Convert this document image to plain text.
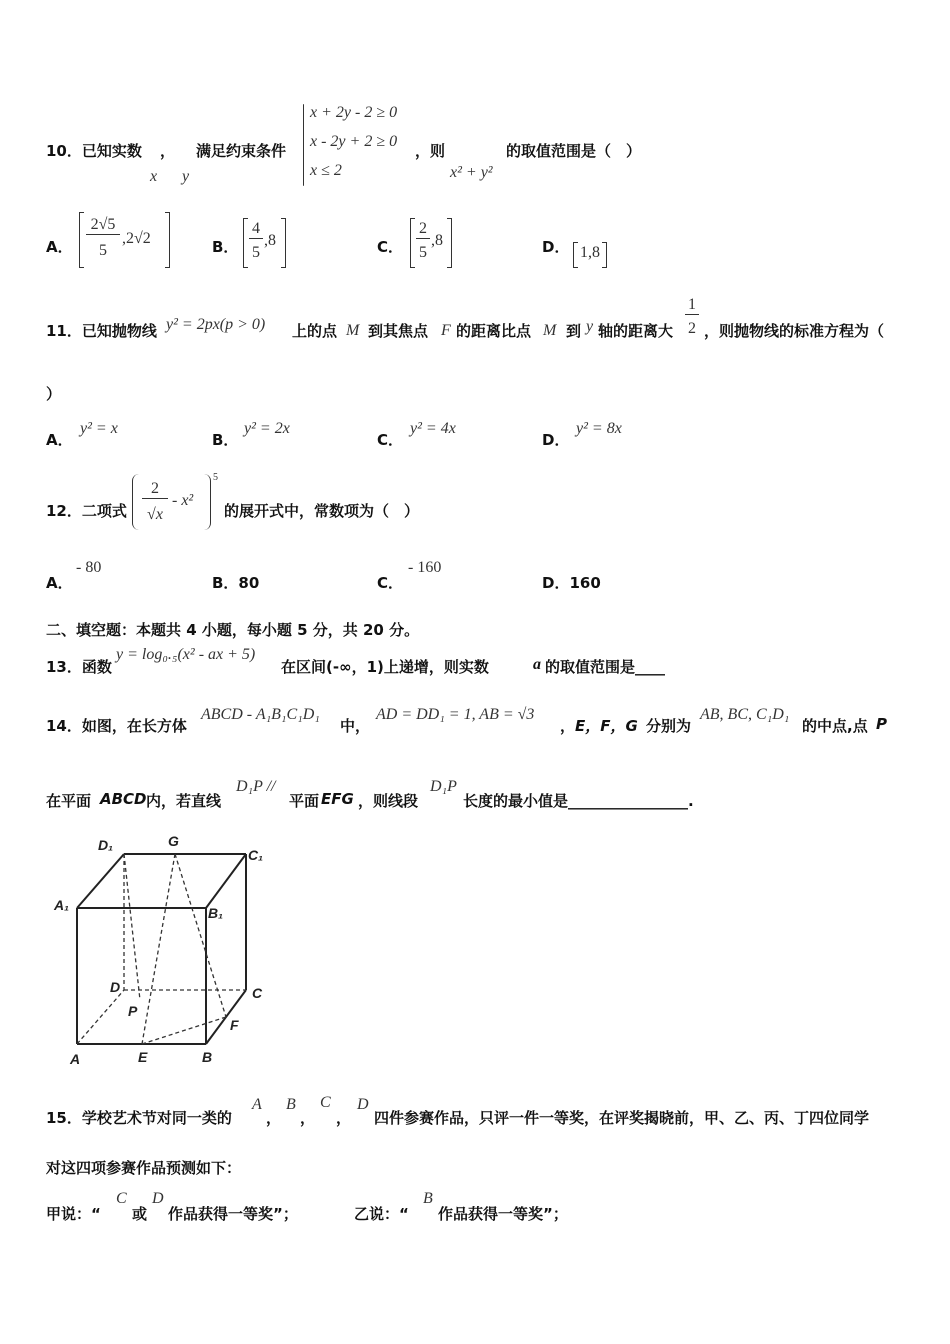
10．已知实数 ， 满足约束条件
x y
x + 2y - 2 ≥ 0
x - 2y + 2 ≥ 0
x ≤ 2
，则
x² + y²
的取值范围是（　）
A．
2√5
5
,2√2	B．
4
5
,8	C．
2
5
,8	D． 1,8
11．已知抛物线 y² = 2px(p > 0) 上的点 M 到其焦点 F 的距离比点 M 到 y 轴的距离大
1
2 ，则抛物线的标准方程为（
）
A．
y² = x
B．
y² = 2x
C．
y² = 4x
D．
y² = 8x
12．二项式
2
√x
- x²
5
的展开式中，常数项为（　）
A．
- 80
B．80	C．
- 160
D．160
二、填空题：本题共 4 小题，每小题 5 分，共 20 分。
13．函数
y = log₀.₅(x² - ax + 5)
在区间(-∞，1)上递增，则实数	a 的取值范围是____
14．如图，在长方体
ABCD - A₁B₁C₁D₁
中，
AD = DD₁ = 1, AB = √3
， E，F，G 分别为
AB, BC, C₁D₁
的中点,点 P
在平面 ABCD 内，若直线
D₁P //
平面 EFG ，则线段
D₁P
长度的最小值是________________.
D₁	G
C₁
A₁	B₁
D	C
P
F
A	E	B
15．学校艺术节对同一类的
A
，
B
，
C
，
D
四件参赛作品，只评一件一等奖，在评奖揭晓前，甲、乙、丙、丁四位同学
对这四项参赛作品预测如下：
甲说：“
C
或
D
作品获得一等奖”；	乙说：“
B
作品获得一等奖”；
